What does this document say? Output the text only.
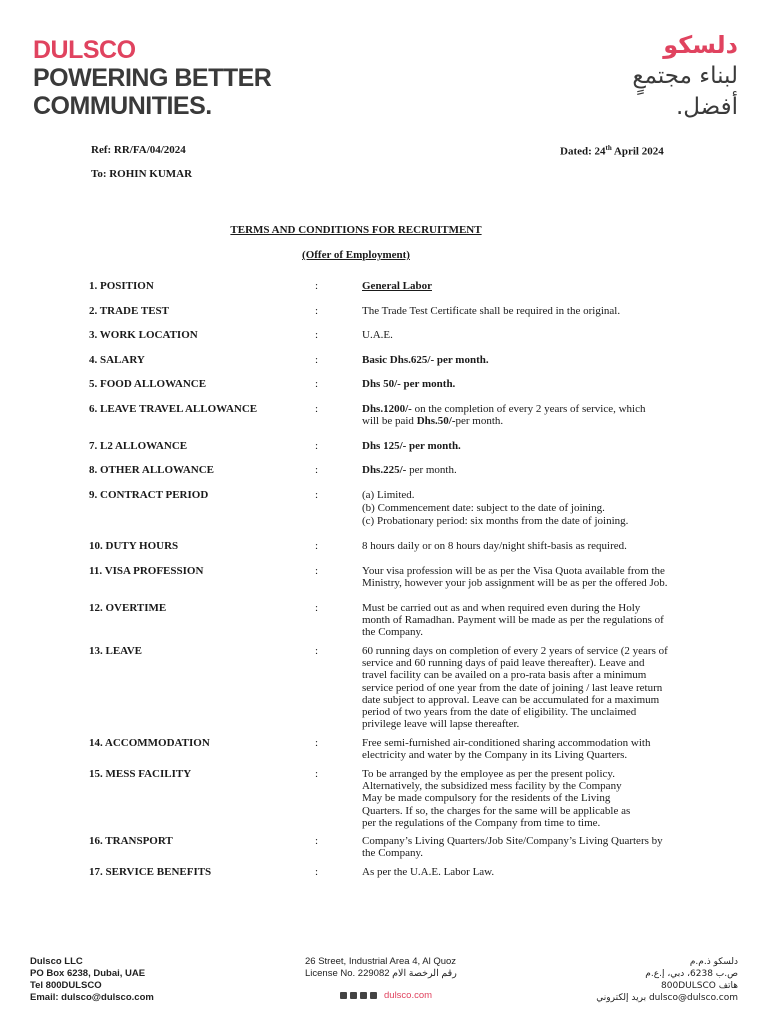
DULSCO
POWERING BETTER
COMMUNITIES.
دلسكو
لبناء مجتمعٍ
أفضل.
Ref: RR/FA/04/2024	Dated: 24th April 2024
To: ROHIN KUMAR
TERMS AND CONDITIONS FOR RECRUITMENT
(Offer of Employment)
1. POSITION	:	General Labor
2. TRADE TEST	:	The Trade Test Certificate shall be required in the original.
3. WORK LOCATION	:	U.A.E.
4. SALARY	:	Basic Dhs.625/- per month.
5. FOOD ALLOWANCE	:	Dhs 50/- per month.
6. LEAVE TRAVEL ALLOWANCE	:	Dhs.1200/- on the completion of every 2 years of service, which
will be paid Dhs.50/-per month.
7. L2 ALLOWANCE	:	Dhs 125/- per month.
8. OTHER ALLOWANCE	:	Dhs.225/- per month.
9. CONTRACT PERIOD	:	(a) Limited.
(b) Commencement date: subject to the date of joining.
(c) Probationary period: six months from the date of joining.
10. DUTY HOURS	:	8 hours daily or on 8 hours day/night shift-basis as required.
11. VISA PROFESSION	:	Your visa profession will be as per the Visa Quota available from the
Ministry, however your job assignment will be as per the offered Job.
12. OVERTIME	:	Must be carried out as and when required even during the Holy
month of Ramadhan. Payment will be made as per the regulations of
the Company.
13. LEAVE	:	60 running days on completion of every 2 years of service (2 years of
service and 60 running days of paid leave thereafter). Leave and
travel facility can be availed on a pro-rata basis after a minimum
service period of one year from the date of joining / last leave return
date subject to approval. Leave can be accumulated for a maximum
period of two years from the date of eligibility. The unclaimed
privilege leave will lapse thereafter.
14. ACCOMMODATION	:	Free semi-furnished air-conditioned sharing accommodation with
electricity and water by the Company in its Living Quarters.
15. MESS FACILITY	:	To be arranged by the employee as per the present policy.
Alternatively, the subsidized mess facility by the Company
May be made compulsory for the residents of the Living
Quarters. If so, the charges for the same will be applicable as
per the regulations of the Company from time to time.
16. TRANSPORT	:	Company’s Living Quarters/Job Site/Company’s Living Quarters by
the Company.
17. SERVICE BENEFITS	:	As per the U.A.E. Labor Law.
Dulsco LLC
PO Box 6238, Dubai, UAE
Tel 800DULSCO
Email: dulsco@dulsco.com
26 Street, Industrial Area 4, Al Quoz
License No. 229082 رقم الرخصة الام
dulsco.com
دلسكو ذ.م.م
ص.ب 6238، دبي، إ.ع.م
هاتف 800DULSCO
dulsco@dulsco.com بريد إلكتروني
